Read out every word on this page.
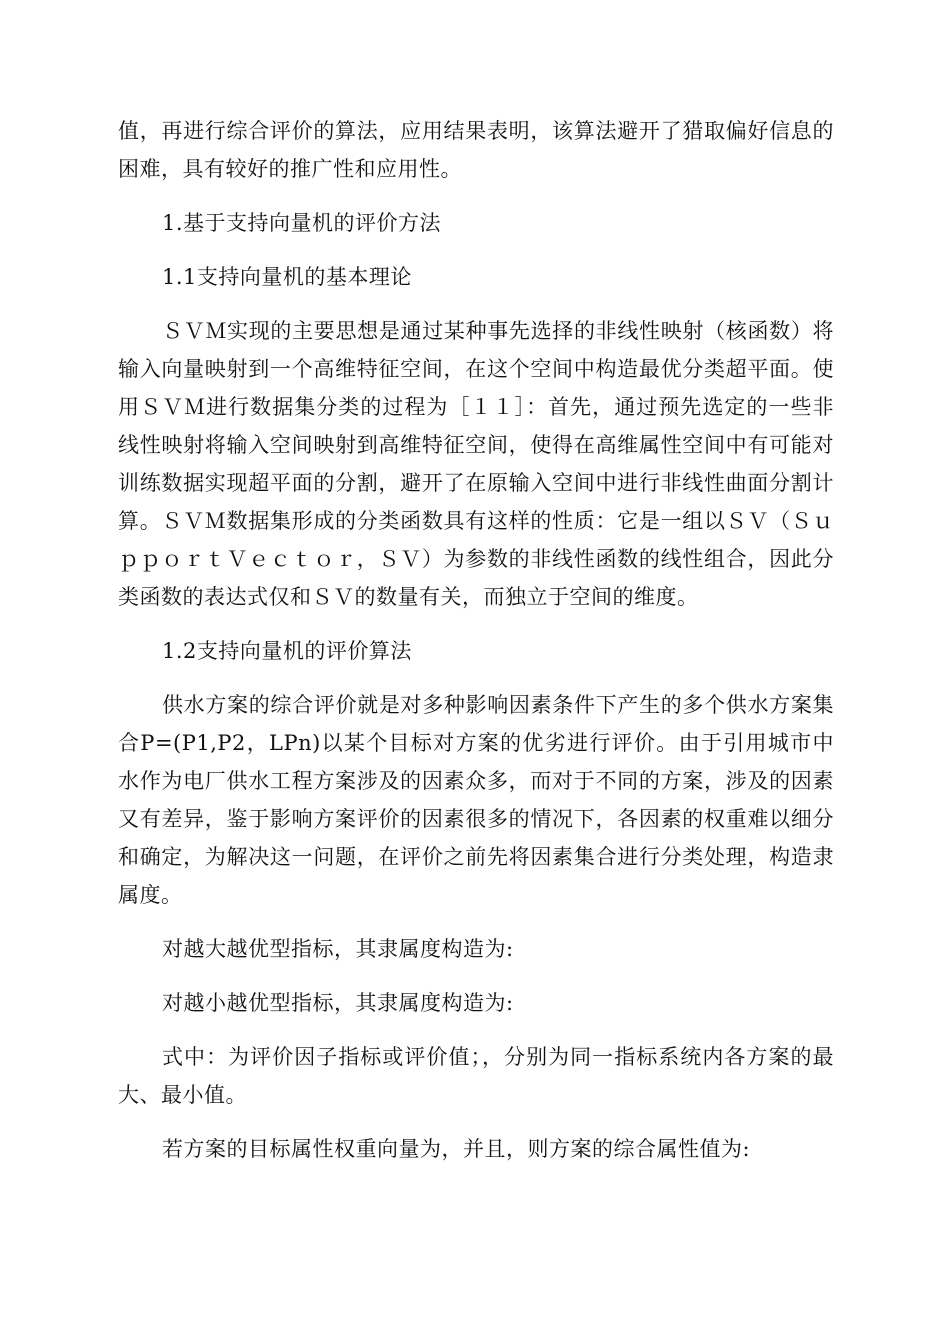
值，再进行综合评价的算法，应用结果表明，该算法避开了猎取偏好信息的困难，具有较好的推广性和应用性。

1.基于支持向量机的评价方法

1.1支持向量机的基本理论

ＳＶＭ实现的主要思想是通过某种事先选择的非线性映射（核函数）将输入向量映射到一个高维特征空间，在这个空间中构造最优分类超平面。使用ＳＶＭ进行数据集分类的过程为［１１］：首先，通过预先选定的一些非线性映射将输入空间映射到高维特征空间，使得在高维属性空间中有可能对训练数据实现超平面的分割，避开了在原输入空间中进行非线性曲面分割计算。ＳＶＭ数据集形成的分类函数具有这样的性质：它是一组以ＳＶ（ＳｕｐｐｏｒｔＶｅｃｔｏｒ，ＳＶ）为参数的非线性函数的线性组合，因此分类函数的表达式仅和ＳＶ的数量有关，而独立于空间的维度。

1.2支持向量机的评价算法

供水方案的综合评价就是对多种影响因素条件下产生的多个供水方案集合P=(P1,P2，LPn)以某个目标对方案的优劣进行评价。由于引用城市中水作为电厂供水工程方案涉及的因素众多，而对于不同的方案，涉及的因素又有差异，鉴于影响方案评价的因素很多的情况下，各因素的权重难以细分和确定，为解决这一问题，在评价之前先将因素集合进行分类处理，构造隶属度。

对越大越优型指标，其隶属度构造为:

对越小越优型指标，其隶属度构造为:

式中：为评价因子指标或评价值；，分别为同一指标系统内各方案的最大、最小值。

若方案的目标属性权重向量为，并且，则方案的综合属性值为:
